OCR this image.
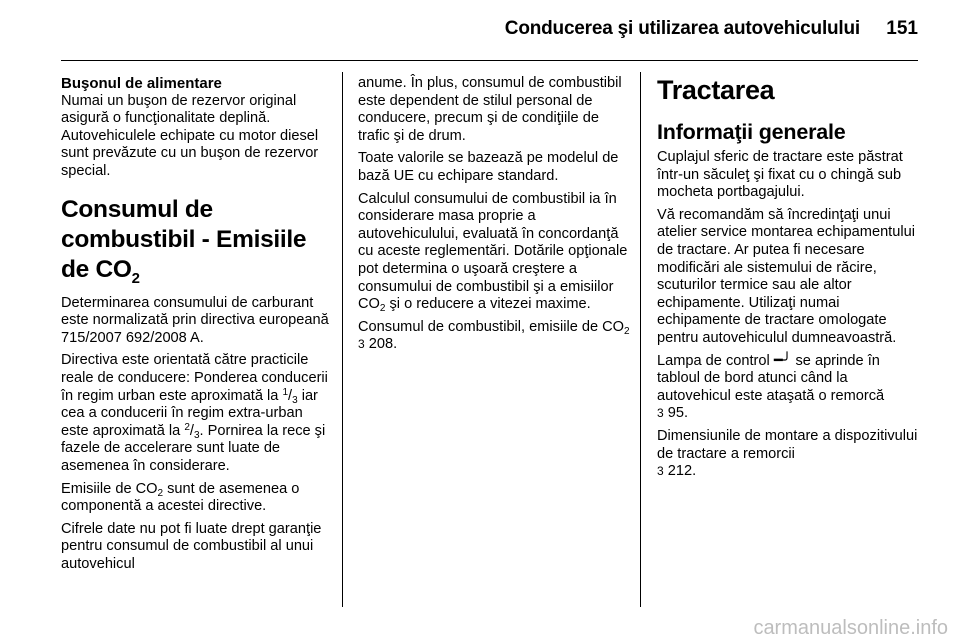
Conducerea şi utilizarea autovehiculului 151
Buşonul de alimentare

Numai un buşon de rezervor original asigură o funcţionalitate deplină. Autovehiculele echipate cu motor diesel sunt prevăzute cu un buşon de rezervor special.

Consumul de combustibil - Emisiile de $CO_2$

Determinarea consumului de carburant este normalizată prin directiva europeană 715/2007 692/2008 A.

Directiva este orientată către practicile reale de conducere: Ponderea conducerii în regim urban este aproximată la $^1/_3$ iar cea a conducerii în regim extra-urban este aproximată la $^2/_3$. Pornirea la rece şi fazele de accelerare sunt luate de asemenea în considerare.

Emisiile de $CO_2$ sunt de asemenea o componentă a acestei directive.

Cifrele date nu pot fi luate drept garanţie pentru consumul de combustibil al unui autovehicul

anume. În plus, consumul de combustibil este dependent de stilul personal de conducere, precum şi de condiţiile de trafic şi de drum.

Toate valorile se bazează pe modelul de bază UE cu echipare standard.

Calculul consumului de combustibil ia în considerare masa proprie a autovehiculului, evaluată în concordanţă cu aceste reglementări. Dotările opţionale pot determina o uşoară creştere a consumului de combustibil şi a emisiilor $CO_2$ şi o reducere a vitezei maxime.

Consumul de combustibil, emisiile de $CO_2$ 3 208.

Tractarea
Informaţii generale

Cuplajul sferic de tractare este păstrat într-un săculeţ şi fixat cu o chingă sub mocheta portbagajului.

Vă recomandăm să încredinţaţi unui atelier service montarea echipamentului de tractare. Ar putea fi necesare modificări ale sistemului de răcire, scuturilor termice sau ale altor echipamente. Utilizaţi numai echipamente de tractare omologate pentru autovehiculul dumneavoastră.

Lampa de control ━╯ se aprinde în tabloul de bord atunci când la autovehicul este ataşată o remorcă
3 95.

Dimensiunile de montare a dispozitivului de tractare a remorcii
3 212.

carmanualsonline.info
